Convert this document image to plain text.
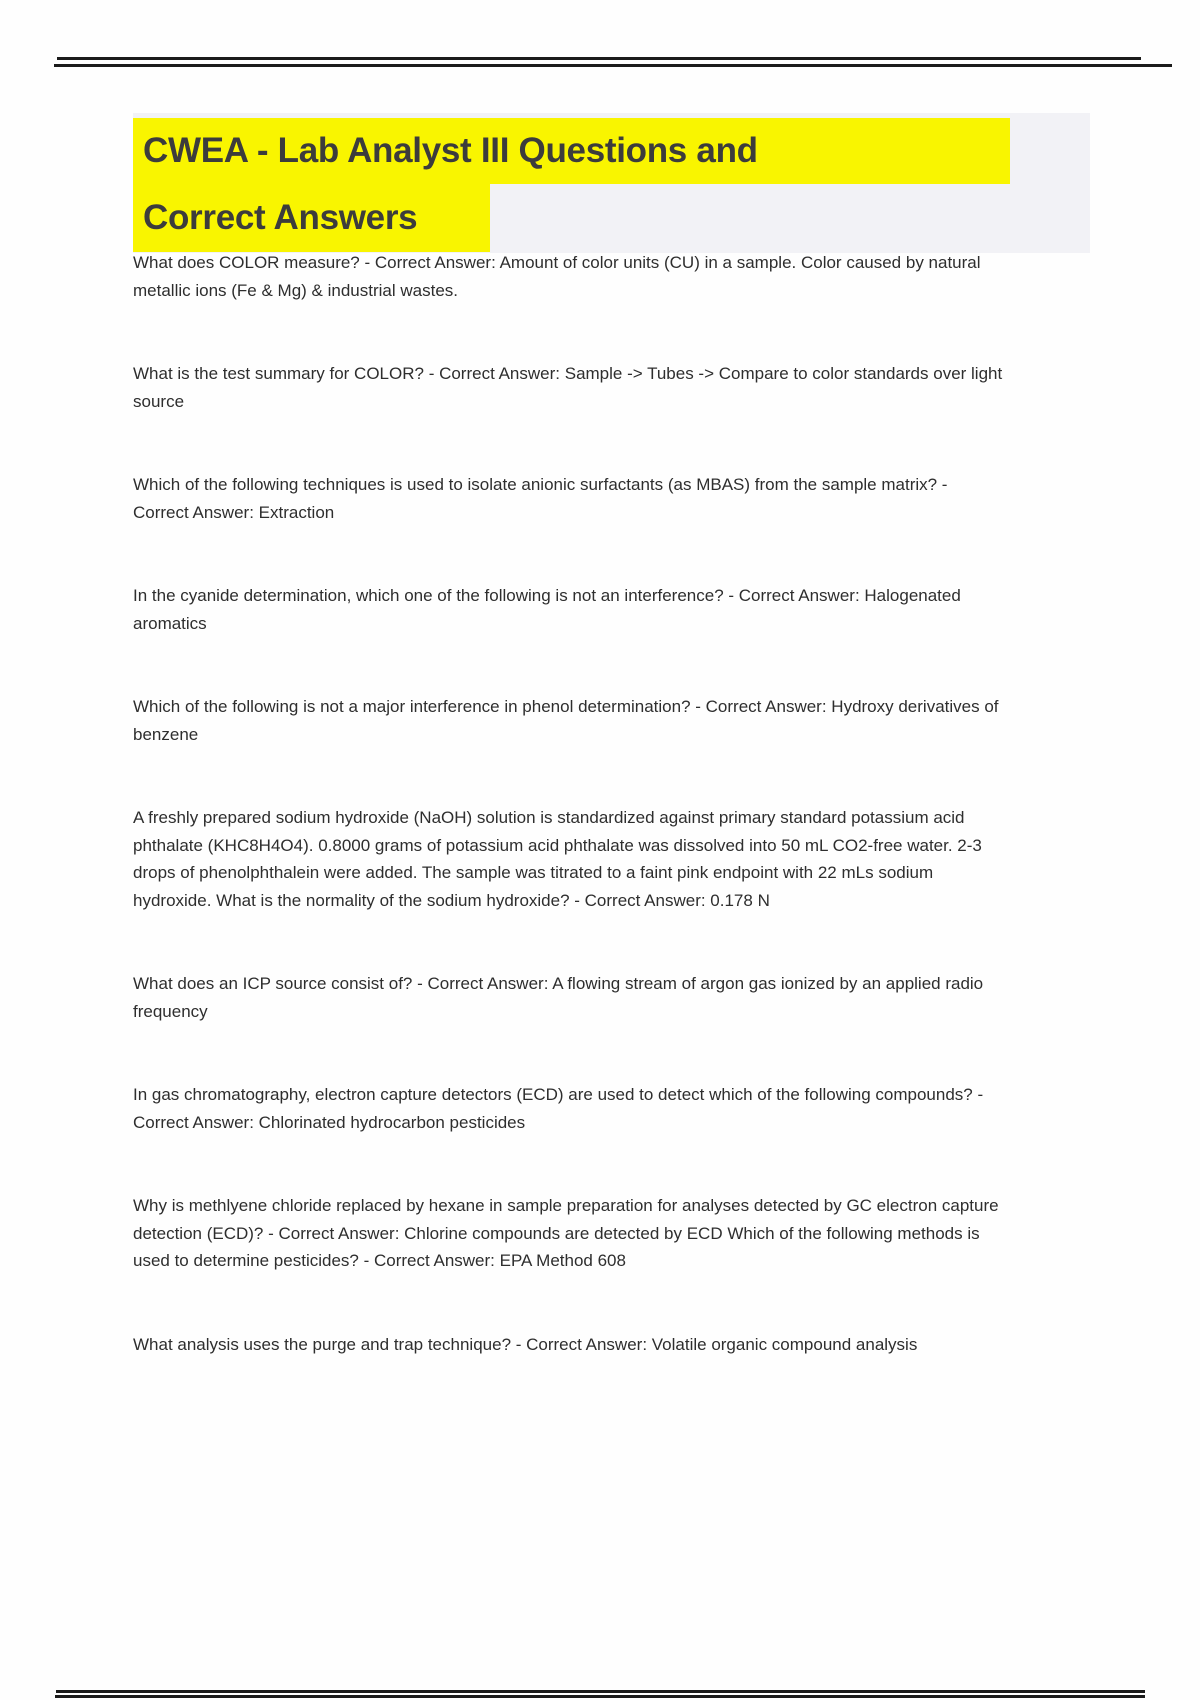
CWEA - Lab Analyst III Questions and
Correct Answers

What does COLOR measure? - Correct Answer: Amount of color units (CU) in a sample. Color caused by natural metallic ions (Fe & Mg) & industrial wastes.

What is the test summary for COLOR? - Correct Answer: Sample -> Tubes -> Compare to color standards over light source

Which of the following techniques is used to isolate anionic surfactants (as MBAS) from the sample matrix? - Correct Answer: Extraction

In the cyanide determination, which one of the following is not an interference? - Correct Answer: Halogenated aromatics

Which of the following is not a major interference in phenol determination? - Correct Answer: Hydroxy derivatives of benzene

A freshly prepared sodium hydroxide (NaOH) solution is standardized against primary standard potassium acid phthalate (KHC8H4O4). 0.8000 grams of potassium acid phthalate was dissolved into 50 mL CO2-free water. 2-3 drops of phenolphthalein were added. The sample was titrated to a faint pink endpoint with 22 mLs sodium hydroxide. What is the normality of the sodium hydroxide? - Correct Answer: 0.178 N

What does an ICP source consist of? - Correct Answer: A flowing stream of argon gas ionized by an applied radio frequency

In gas chromatography, electron capture detectors (ECD) are used to detect which of the following compounds? - Correct Answer: Chlorinated hydrocarbon pesticides

Why is methlyene chloride replaced by hexane in sample preparation for analyses detected by GC electron capture detection (ECD)? - Correct Answer: Chlorine compounds are detected by ECD Which of the following methods is used to determine pesticides? - Correct Answer: EPA Method 608

What analysis uses the purge and trap technique? - Correct Answer: Volatile organic compound analysis
